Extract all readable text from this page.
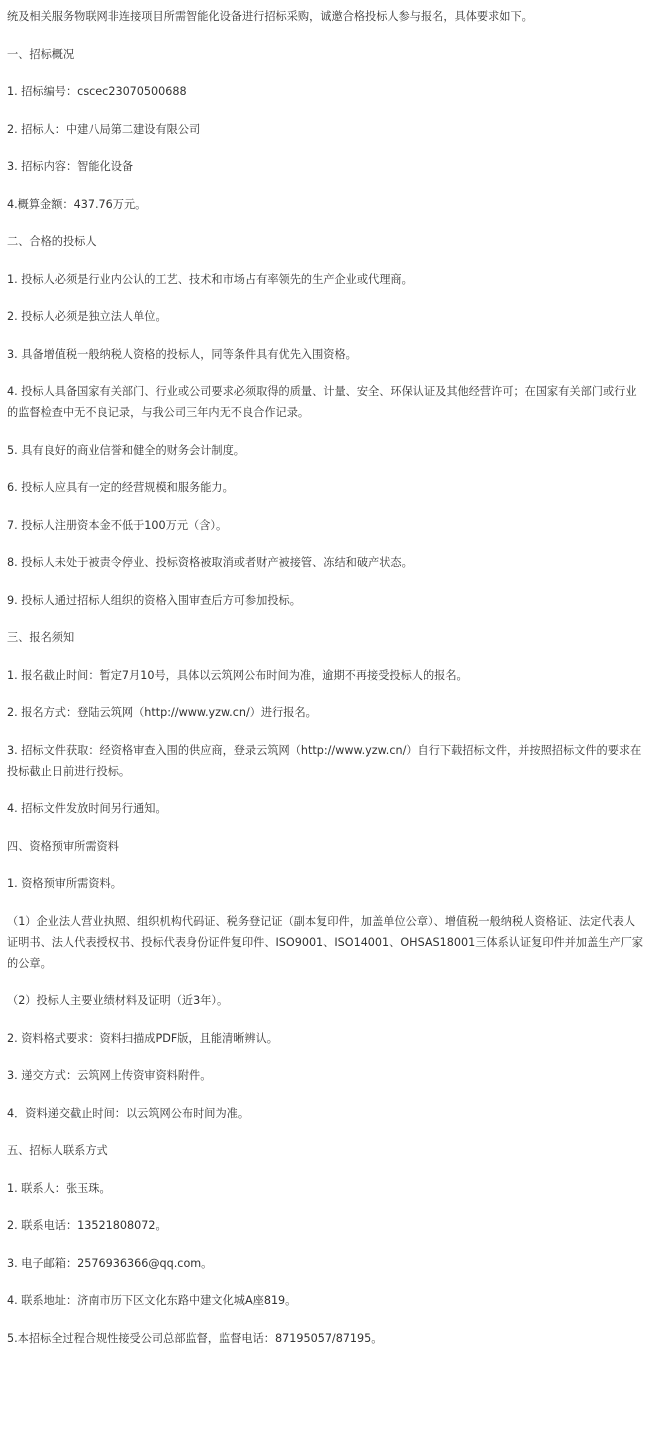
统及相关服务物联网非连接项目所需智能化设备进行招标采购，诚邀合格投标人参与报名，具体要求如下。

一、招标概况

1. 招标编号：cscec23070500688

2. 招标人：中建八局第二建设有限公司

3. 招标内容：智能化设备

4.概算金额：437.76万元。

二、合格的投标人

1. 投标人必须是行业内公认的工艺、技术和市场占有率领先的生产企业或代理商。

2. 投标人必须是独立法人单位。

3. 具备增值税一般纳税人资格的投标人，同等条件具有优先入围资格。

4. 投标人具备国家有关部门、行业或公司要求必须取得的质量、计量、安全、环保认证及其他经营许可；在国家有关部门或行业的监督检查中无不良记录，与我公司三年内无不良合作记录。

5. 具有良好的商业信誉和健全的财务会计制度。

6. 投标人应具有一定的经营规模和服务能力。

7. 投标人注册资本金不低于100万元（含）。

8. 投标人未处于被责令停业、投标资格被取消或者财产被接管、冻结和破产状态。

9. 投标人通过招标人组织的资格入围审查后方可参加投标。

三、报名须知

1. 报名截止时间：暂定7月10号，具体以云筑网公布时间为准，逾期不再接受投标人的报名。

2. 报名方式：登陆云筑网（http://www.yzw.cn/）进行报名。

3. 招标文件获取：经资格审查入围的供应商，登录云筑网（http://www.yzw.cn/）自行下载招标文件，并按照招标文件的要求在投标截止日前进行投标。

4. 招标文件发放时间另行通知。

四、资格预审所需资料

1. 资格预审所需资料。

（1）企业法人营业执照、组织机构代码证、税务登记证（副本复印件，加盖单位公章）、增值税一般纳税人资格证、法定代表人证明书、法人代表授权书、投标代表身份证件复印件、ISO9001、ISO14001、OHSAS18001三体系认证复印件并加盖生产厂家的公章。

（2）投标人主要业绩材料及证明（近3年）。

2. 资料格式要求：资料扫描成PDF版，且能清晰辨认。

3. 递交方式：云筑网上传资审资料附件。

4．资料递交截止时间：以云筑网公布时间为准。

五、招标人联系方式

1. 联系人：张玉珠。

2. 联系电话：13521808072。

3. 电子邮箱：2576936366@qq.com。

4. 联系地址：济南市历下区文化东路中建文化城A座819。

5.本招标全过程合规性接受公司总部监督，监督电话：87195057/87195。
